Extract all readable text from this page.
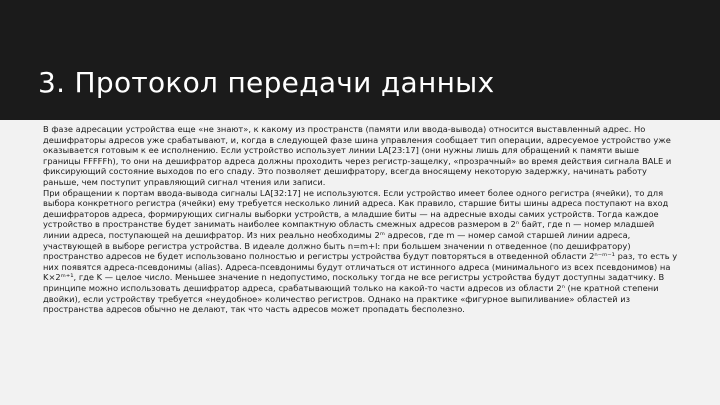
3. Протокол передачи данных

В фазе адресации устройства еще «не знают», к какому из пространств (памяти или ввода-вывода) относится выставленный адрес. Но дешифраторы адресов уже срабатывают, и, когда в следующей фазе шина управления сообщает тип операции, адресуемое устройство уже оказывается готовым к ее исполнению. Если устройство использует линии LA[23:17] (они нужны лишь для обращений к памяти выше границы FFFFFh), то они на дешифратор адреса должны проходить через регистр-защелку, «прозрачный» во время действия сигнала BALE и фиксирующий состояние выходов по его спаду. Это позволяет дешифратору, всегда вносящему некоторую задержку, начинать работу раньше, чем поступит управляющий сигнал чтения или записи.

При обращении к портам ввода-вывода сигналы LA[32:17] не используются. Если устройство имеет более одного регистра (ячейки), то для выбора конкретного регистра (ячейки) ему требуется несколько линий адреса. Как правило, старшие биты шины адреса поступают на вход дешифраторов адреса, формирующих сигналы выборки устройств, а младшие биты — на адресные входы самих устройств. Тогда каждое устройство в пространстве будет занимать наиболее компактную область смежных адресов размером в 2ⁿ байт, где n — номер младшей линии адреса, поступающей на дешифратор. Из них реально необходимы 2ᵐ адресов, где m — номер самой старшей линии адреса, участвующей в выборе регистра устройства. В идеале должно быть n=m+l: при большем значении n отведенное (по дешифратору) пространство адресов не будет использовано полностью и регистры устройства будут повторяться в отведенной области 2ⁿ⁻ᵐ⁻¹ раз, то есть у них появятся адреса-псевдонимы (alias). Адреса-псевдонимы будут отличаться от истинного адреса (минимального из всех псевдонимов) на K×2ᵐ⁺¹, где K — целое число. Меньшее значение n недопустимо, поскольку тогда не все регистры устройства будут доступны задатчику. В принципе можно использовать дешифратор адреса, срабатывающий только на какой-то части адресов из области 2ⁿ (не кратной степени двойки), если устройству требуется «неудобное» количество регистров. Однако на практике «фигурное выпиливание» областей из пространства адресов обычно не делают, так что часть адресов может пропадать бесполезно.
